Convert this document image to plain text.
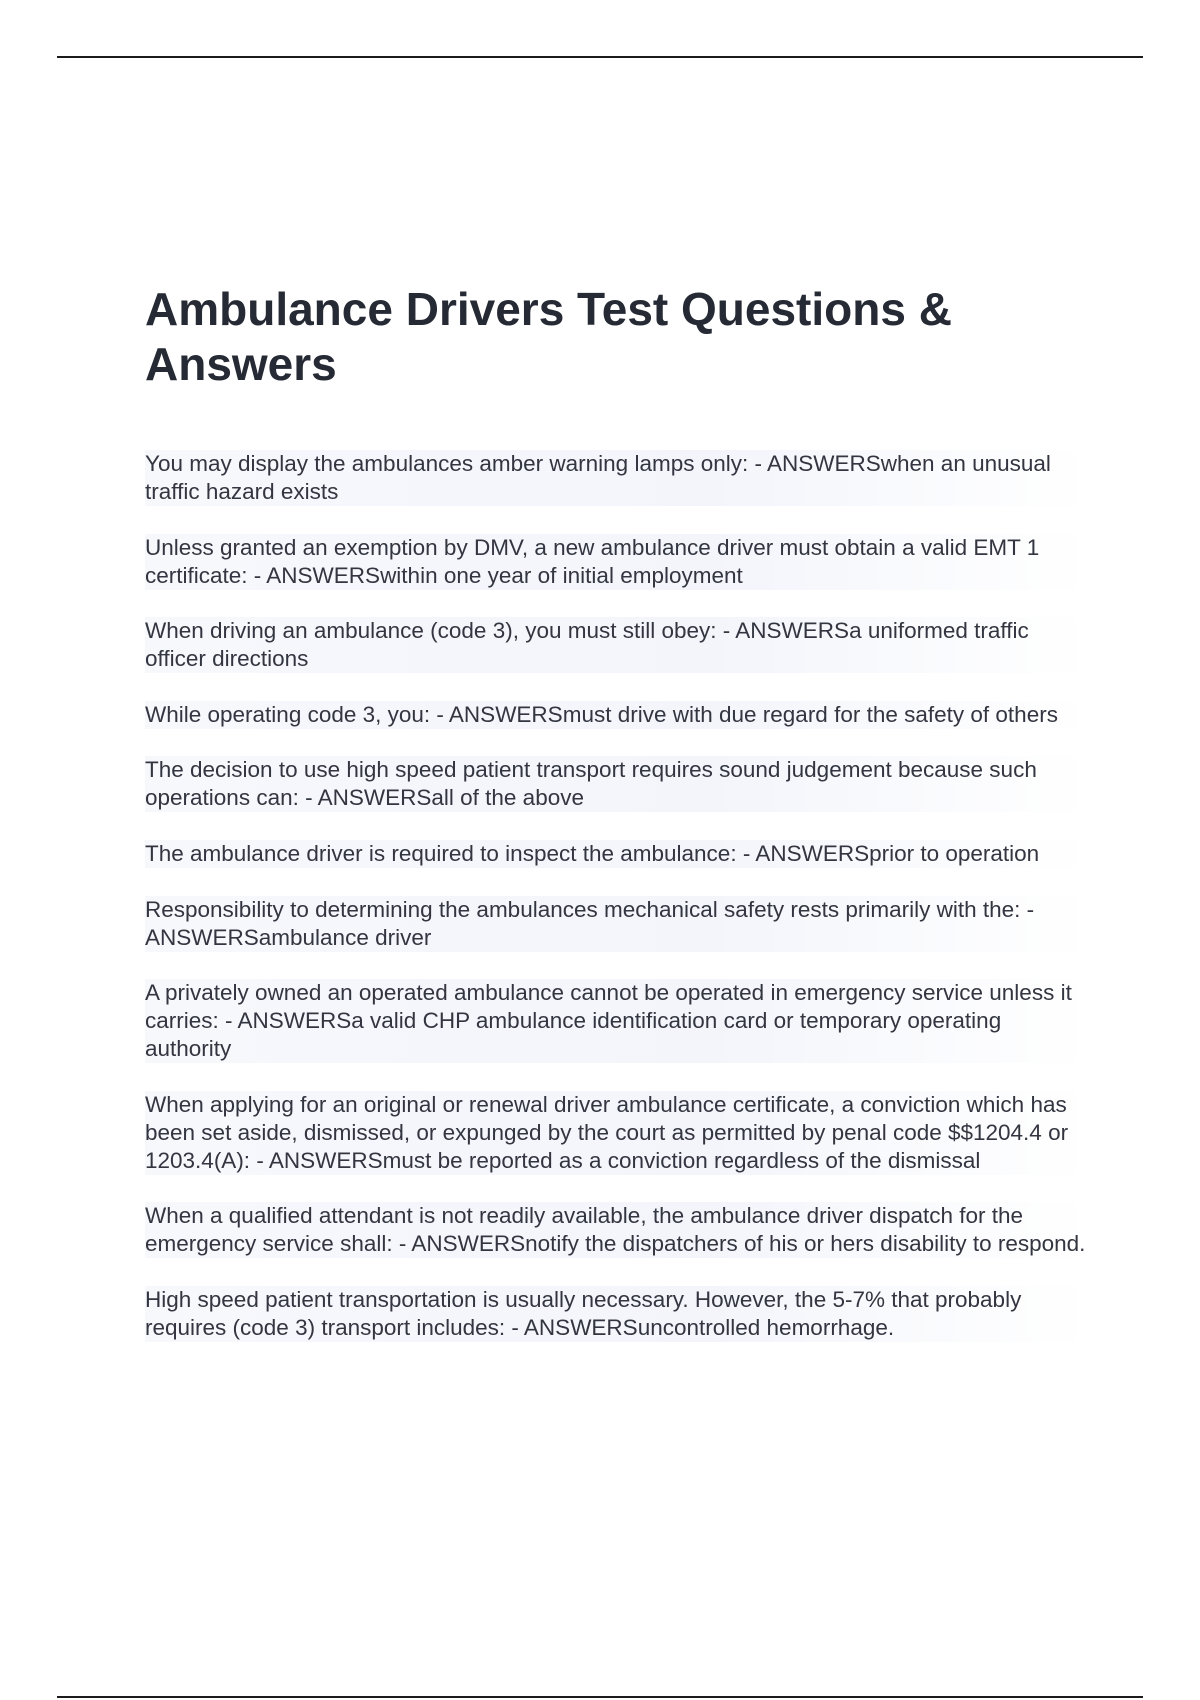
Ambulance Drivers Test Questions & Answers

You may display the ambulances amber warning lamps only: - ANSWERSwhen an unusual traffic hazard exists

Unless granted an exemption by DMV, a new ambulance driver must obtain a valid EMT 1 certificate: - ANSWERSwithin one year of initial employment

When driving an ambulance (code 3), you must still obey: - ANSWERSa uniformed traffic officer directions

While operating code 3, you: - ANSWERSmust drive with due regard for the safety of others

The decision to use high speed patient transport requires sound judgement because such operations can: - ANSWERSall of the above

The ambulance driver is required to inspect the ambulance: - ANSWERSprior to operation

Responsibility to determining the ambulances mechanical safety rests primarily with the: - ANSWERSambulance driver

A privately owned an operated ambulance cannot be operated in emergency service unless it carries: - ANSWERSa valid CHP ambulance identification card or temporary operating authority

When applying for an original or renewal driver ambulance certificate, a conviction which has been set aside, dismissed, or expunged by the court as permitted by penal code $$1204.4 or 1203.4(A): - ANSWERSmust be reported as a conviction regardless of the dismissal

When a qualified attendant is not readily available, the ambulance driver dispatch for the emergency service shall: - ANSWERSnotify the dispatchers of his or hers disability to respond.

High speed patient transportation is usually necessary. However, the 5-7% that probably requires (code 3) transport includes: - ANSWERSuncontrolled hemorrhage.
